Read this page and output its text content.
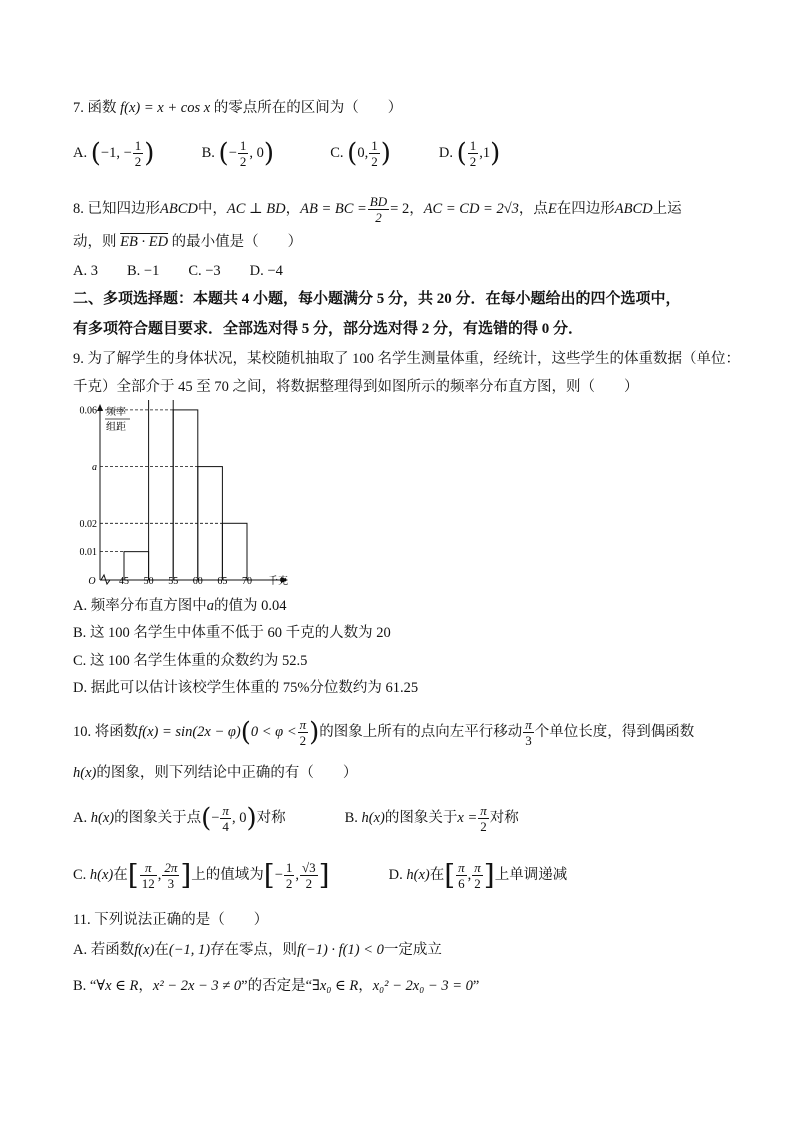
7. 函数 f(x) = x + cos x 的零点所在的区间为（　　）
A. (−1, − $\frac{1}{2}$ )	B. (− $\frac{1}{2}$ , 0)	C. (0, $\frac{1}{2}$ )	D. ( $\frac{1}{2} ,1$)
8. 已知四边形ABCD中，AC ⊥ BD，AB = BC = $\frac{BD}{2} = 2$，AC = CD = 2√3，点E在四边形ABCD上运
动，则 EB · ED 的最小值是（　　）
A. 3　　B. −1　　C. −3　　D. −4
二、多项选择题：本题共 4 小题，每小题满分 5 分，共 20 分．在每小题给出的四个选项中，
有多项符合题目要求．全部选对得 5 分，部分选对得 2 分，有选错的得 0 分．
9. 为了解学生的身体状况，某校随机抽取了 100 名学生测量体重，经统计，这些学生的体重数据（单位：
千克）全部介于 45 至 70 之间，将数据整理得到如图所示的频率分布直方图，则（　　）
频率
组距
O	千克
0.06
a
0.02
0.01
45 50 55 60 65 70
A. 频率分布直方图中a的值为 0.04
B. 这 100 名学生中体重不低于 60 千克的人数为 20
C. 这 100 名学生体重的众数约为 52.5
D. 据此可以估计该校学生体重的 75%分位数约为 61.25
10. 将函数$f(x) = \sin(2x - \varphi)(0 < \varphi < \frac{\pi}{2}$ )的图象上所有的点向左平行移动 $\frac{\pi}{3}$ 个单位长度，得到偶函数
h(x)的图象，则下列结论中正确的有（　　）
A. h(x)的图象关于点(− $\frac{\pi}{4}$ , 0)对称	B. h(x)的图象关于$x = \frac{\pi}{2}$ 对称
C. h(x)在[ $\frac{\pi}{12}$ , $\frac{2\pi}{3}$ ]上的值域为[− $\frac{1}{2}$ , $\frac{√3}{2}$ ]	D. h(x)在[ $\frac{\pi}{6}$ , $\frac{\pi}{2}$ ]上单调递减
11. 下列说法正确的是（　　）
A. 若函数f(x)在(−1, 1)存在零点，则f(−1) · f(1) < 0一定成立
B. “∀x ∈ R，x² − 2x − 3 ≠ 0”的否定是“∃x₀ ∈ R，x₀² − 2x₀ − 3 = 0”
